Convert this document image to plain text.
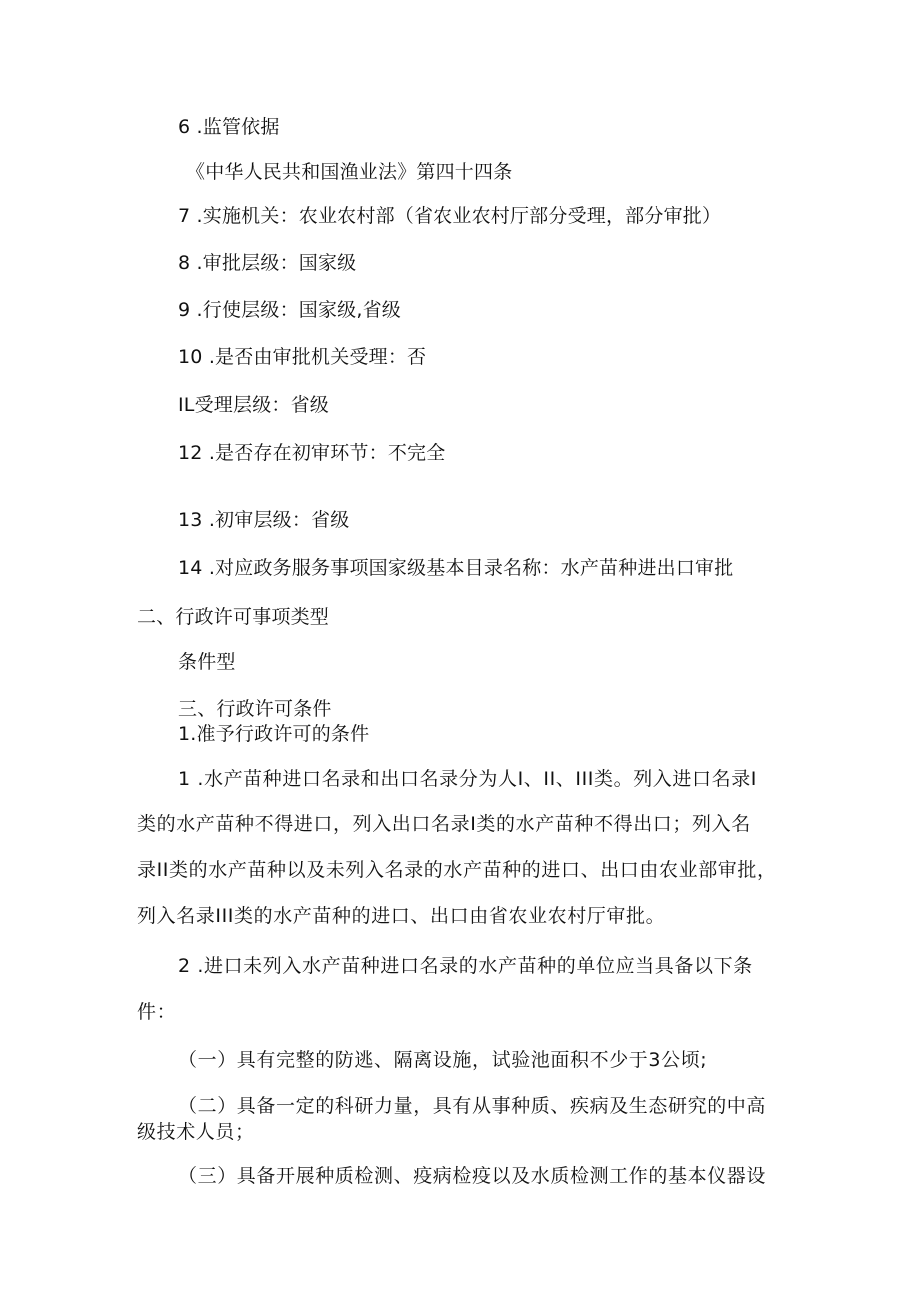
6 .监管依据
《中华人民共和国渔业法》第四十四条
7 .实施机关：农业农村部（省农业农村厅部分受理，部分审批）
8 .审批层级：国家级
9 .行使层级：国家级,省级
10 .是否由审批机关受理：否
IL受理层级：省级
12 .是否存在初审环节：不完全
13 .初审层级：省级
14 .对应政务服务事项国家级基本目录名称：水产苗种进出口审批
二、行政许可事项类型
条件型
三、行政许可条件
1.准予行政许可的条件
1 .水产苗种进口名录和出口名录分为人I、II、III类。列入进口名录I
类的水产苗种不得进口，列入出口名录I类的水产苗种不得出口；列入名
录II类的水产苗种以及未列入名录的水产苗种的进口、出口由农业部审批，
列入名录III类的水产苗种的进口、出口由省农业农村厅审批。
2 .进口未列入水产苗种进口名录的水产苗种的单位应当具备以下条
件：
（一）具有完整的防逃、隔离设施，试验池面积不少于3公顷;
（二）具备一定的科研力量，具有从事种质、疾病及生态研究的中高
级技术人员；
（三）具备开展种质检测、疫病检疫以及水质检测工作的基本仪器设
